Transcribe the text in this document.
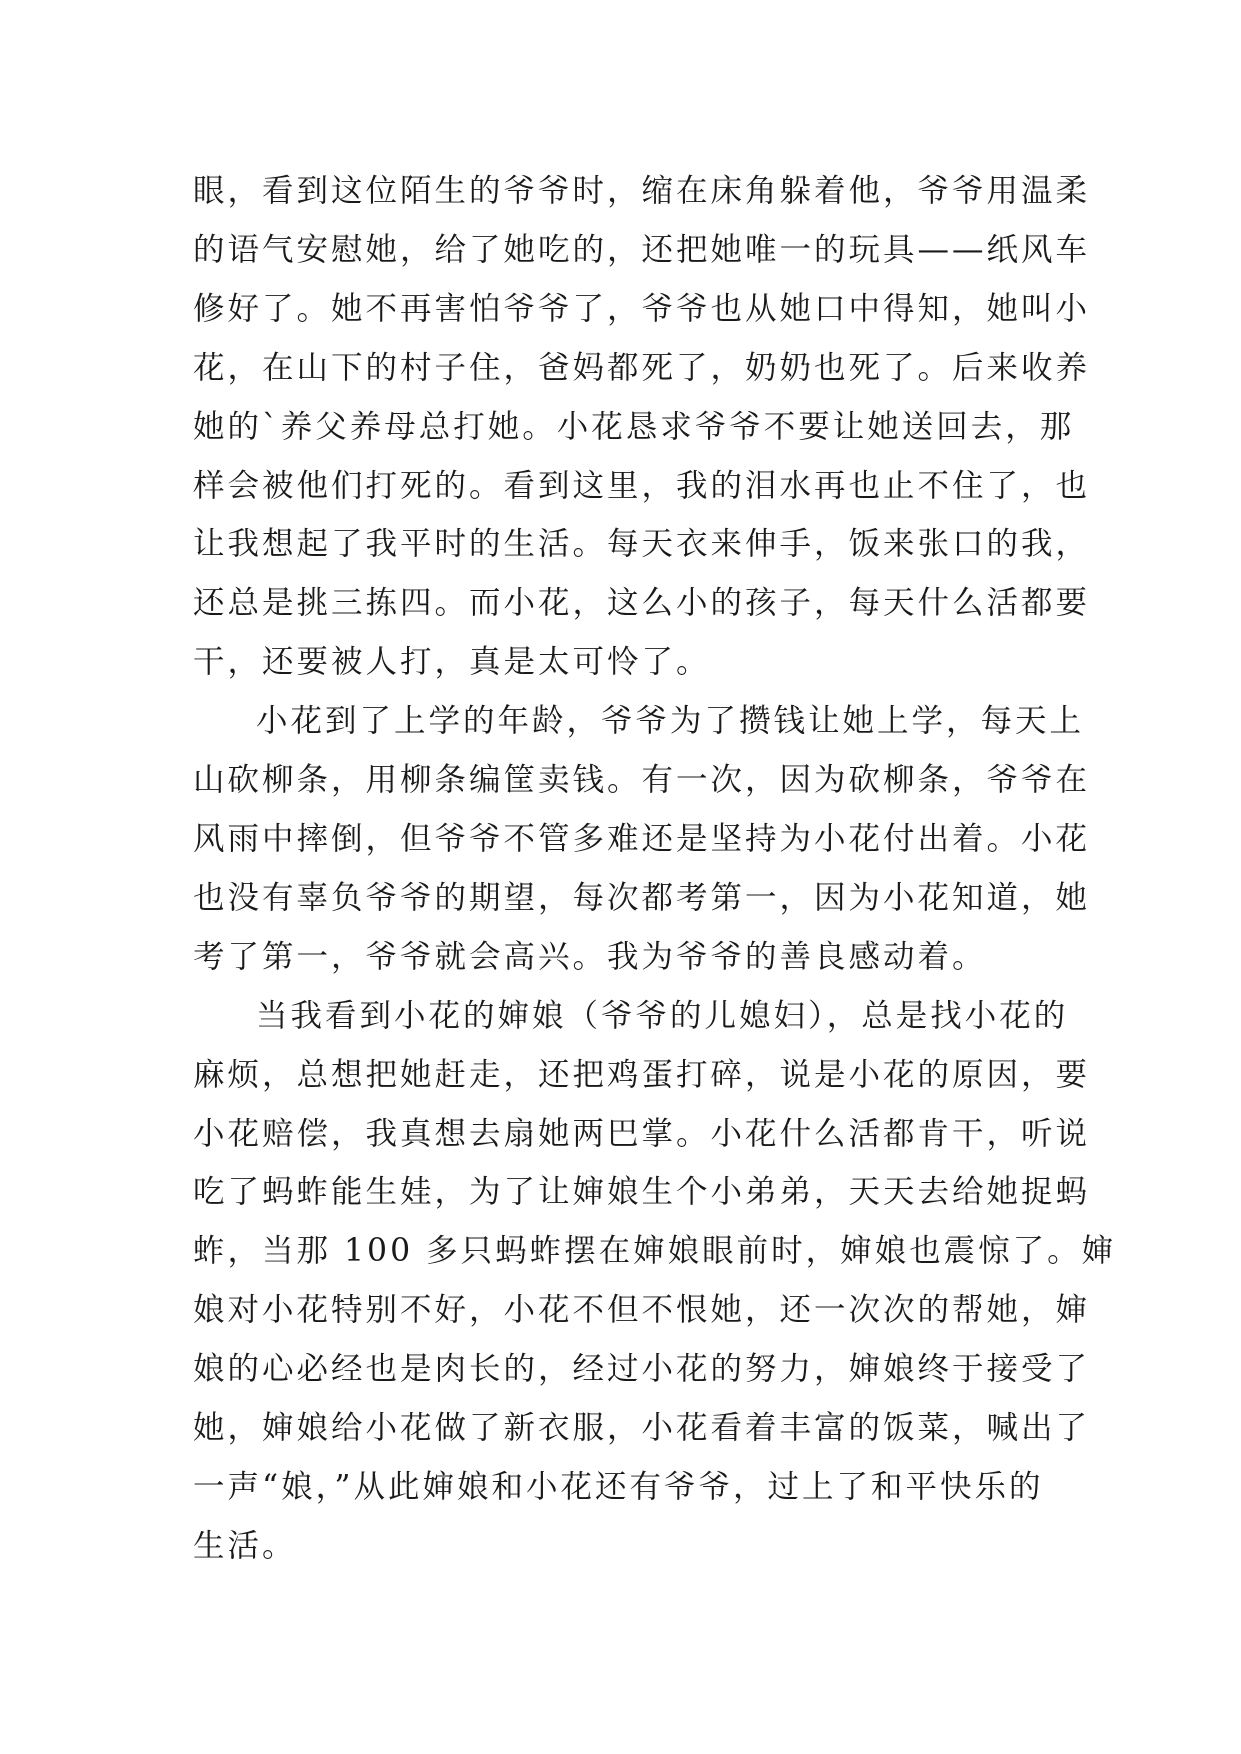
眼，看到这位陌生的爷爷时，缩在床角躲着他，爷爷用温柔
的语气安慰她，给了她吃的，还把她唯一的玩具——纸风车
修好了。她不再害怕爷爷了，爷爷也从她口中得知，她叫小
花，在山下的村子住，爸妈都死了，奶奶也死了。后来收养
她的`养父养母总打她。小花恳求爷爷不要让她送回去，那
样会被他们打死的。看到这里，我的泪水再也止不住了，也
让我想起了我平时的生活。每天衣来伸手，饭来张口的我，
还总是挑三拣四。而小花，这么小的孩子，每天什么活都要
干，还要被人打，真是太可怜了。
小花到了上学的年龄，爷爷为了攒钱让她上学，每天上
山砍柳条，用柳条编筐卖钱。有一次，因为砍柳条，爷爷在
风雨中摔倒，但爷爷不管多难还是坚持为小花付出着。小花
也没有辜负爷爷的期望，每次都考第一，因为小花知道，她
考了第一，爷爷就会高兴。我为爷爷的善良感动着。
当我看到小花的婶娘（爷爷的儿媳妇），总是找小花的
麻烦，总想把她赶走，还把鸡蛋打碎，说是小花的原因，要
小花赔偿，我真想去扇她两巴掌。小花什么活都肯干，听说
吃了蚂蚱能生娃，为了让婶娘生个小弟弟，天天去给她捉蚂
蚱，当那 100 多只蚂蚱摆在婶娘眼前时，婶娘也震惊了。婶
娘对小花特别不好，小花不但不恨她，还一次次的帮她，婶
娘的心必经也是肉长的，经过小花的努力，婶娘终于接受了
她，婶娘给小花做了新衣服，小花看着丰富的饭菜，喊出了
一声“娘，”从此婶娘和小花还有爷爷，过上了和平快乐的
生活。
